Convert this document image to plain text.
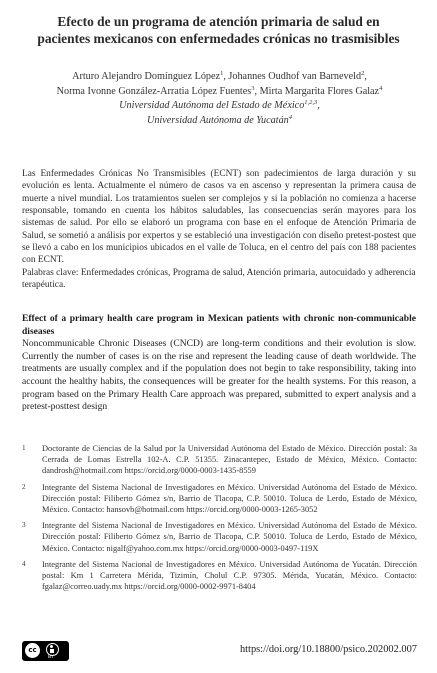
Efecto de un programa de atención primaria de salud en
pacientes mexicanos con enfermedades crónicas no trasmisibles
Arturo Alejandro Domínguez López$^1$, Johannes Oudhof van Barneveld$^2$,
Norma Ivonne González-Arratia López Fuentes$^3$, Mirta Margarita Flores Galaz$^4$
Universidad Autónoma del Estado de México$^{1,2,3}$,
Universidad Autónoma de Yucatán$^4$
Las Enfermedades Crónicas No Transmisibles (ECNT) son padecimientos de larga duración y su evolución es lenta. Actualmente el número de casos va en ascenso y representan la primera causa de muerte a nivel mundial. Los tratamientos suelen ser complejos y si la población no comienza a hacerse responsable, tomando en cuenta los hábitos saludables, las consecuencias serán mayores para los sistemas de salud. Por ello se elaboró un programa con base en el enfoque de Atención Primaria de Salud, se sometió a análisis por expertos y se estableció una investigación con diseño pretest-postest que se llevó a cabo en los municipios ubicados en el valle de Toluca, en el centro del país con 188 pacientes con ECNT.
Palabras clave: Enfermedades crónicas, Programa de salud, Atención primaria, autocuidado y adherencia terapéutica.
Effect of a primary health care program in Mexican patients with chronic non-communicable diseases
Noncommunicable Chronic Diseases (CNCD) are long-term conditions and their evolution is slow. Currently the number of cases is on the rise and represent the leading cause of death worldwide. The treatments are usually complex and if the population does not begin to take responsibility, taking into account the healthy habits, the consequences will be greater for the health systems. For this reason, a program based on the Primary Health Care approach was prepared, submitted to expert analysis and a pretest-posttest design
1	Doctorante de Ciencias de la Salud por la Universidad Autónoma del Estado de México. Dirección postal: 3a Cerrada de Lomas Estrella 102-A. C.P. 51355. Zinacantepec, Estado de México, México. Contacto: dandrosh@hotmail.com https://orcid.org/0000-0003-1435-8559
2	Integrante del Sistema Nacional de Investigadores en México. Universidad Autónoma del Estado de México. Dirección postal: Filiberto Gómez s/n, Barrio de Tlacopa, C.P. 50010. Toluca de Lerdo, Estado de México, México. Contacto: hansovb@hotmail.com https://orcid.org/0000-0003-1265-3052
3	Integrante del Sistema Nacional de Investigadores en México. Universidad Autónoma del Estado de México. Dirección postal: Filiberto Gómez s/n, Barrio de Tlacopa, C.P. 50010. Toluca de Lerdo, Estado de México, México. Contacto: nigalf@yahoo.com.mx https://orcid.org/0000-0003-0497-119X
4	Integrante del Sistema Nacional de Investigadores en México. Universidad Autónoma de Yucatán. Dirección postal: Km 1 Carretera Mérida, Tizimín, Cholul C.P. 97305. Mérida, Yucatán, México. Contacto: fgalaz@correo.uady.mx https://orcid.org/0000-0002-9971-8404
cc
BY
https://doi.org/10.18800/psico.202002.007
